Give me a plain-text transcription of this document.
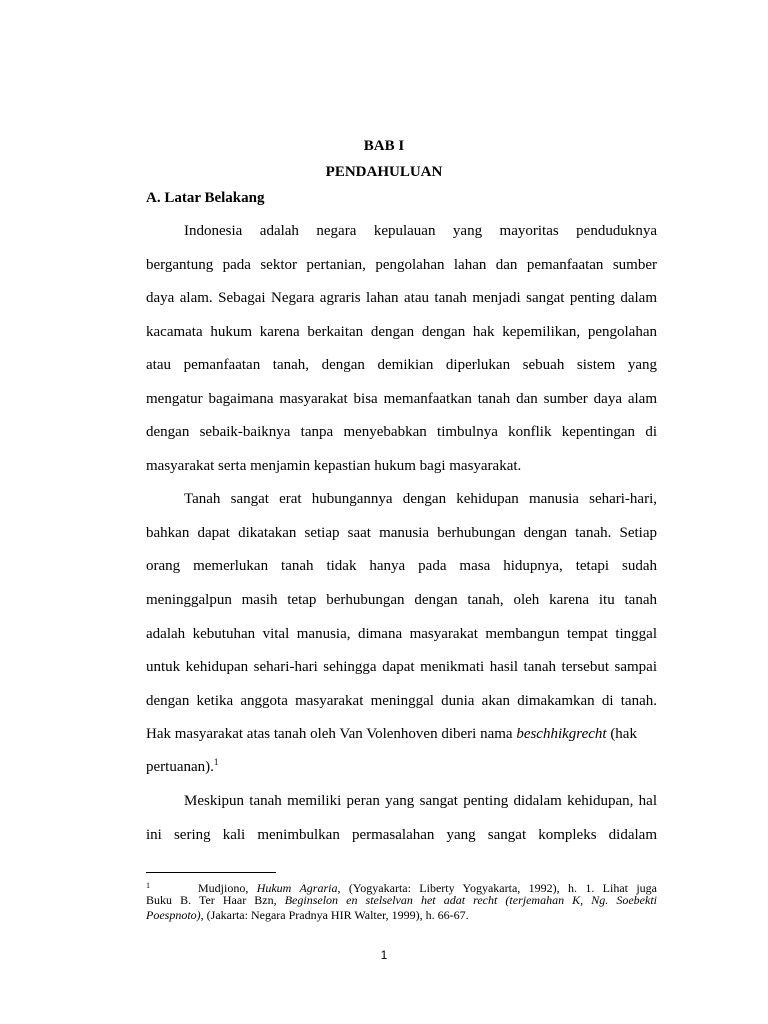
BAB I
PENDAHULUAN
A. Latar Belakang
Indonesia adalah negara kepulauan yang mayoritas penduduknya
bergantung pada sektor pertanian, pengolahan lahan dan pemanfaatan sumber
daya alam. Sebagai Negara agraris lahan atau tanah menjadi sangat penting dalam
kacamata hukum karena berkaitan dengan dengan hak kepemilikan, pengolahan
atau pemanfaatan tanah, dengan demikian diperlukan sebuah sistem yang
mengatur bagaimana masyarakat bisa memanfaatkan tanah dan sumber daya alam
dengan sebaik-baiknya tanpa menyebabkan timbulnya konflik kepentingan di
masyarakat serta menjamin kepastian hukum bagi masyarakat.
Tanah sangat erat hubungannya dengan kehidupan manusia sehari-hari,
bahkan dapat dikatakan setiap saat manusia berhubungan dengan tanah. Setiap
orang memerlukan tanah tidak hanya pada masa hidupnya, tetapi sudah
meninggalpun masih tetap berhubungan dengan tanah, oleh karena itu tanah
adalah kebutuhan vital manusia, dimana masyarakat membangun tempat tinggal
untuk kehidupan sehari-hari sehingga dapat menikmati hasil tanah tersebut sampai
dengan ketika anggota masyarakat meninggal dunia akan dimakamkan di tanah.
Hak masyarakat atas tanah oleh Van Volenhoven diberi nama beschhikgrecht (hak
pertuanan).$^1$
Meskipun tanah memiliki peran yang sangat penting didalam kehidupan, hal
ini sering kali menimbulkan permasalahan yang sangat kompleks didalam
1	Mudjiono, Hukum Agraria, (Yogyakarta: Liberty Yogyakarta, 1992), h. 1. Lihat juga
Buku B. Ter Haar Bzn, Beginselon en stelselvan het adat recht (terjemahan K, Ng. Soebekti
Poespnoto), (Jakarta: Negara Pradnya HIR Walter, 1999), h. 66-67.
1
